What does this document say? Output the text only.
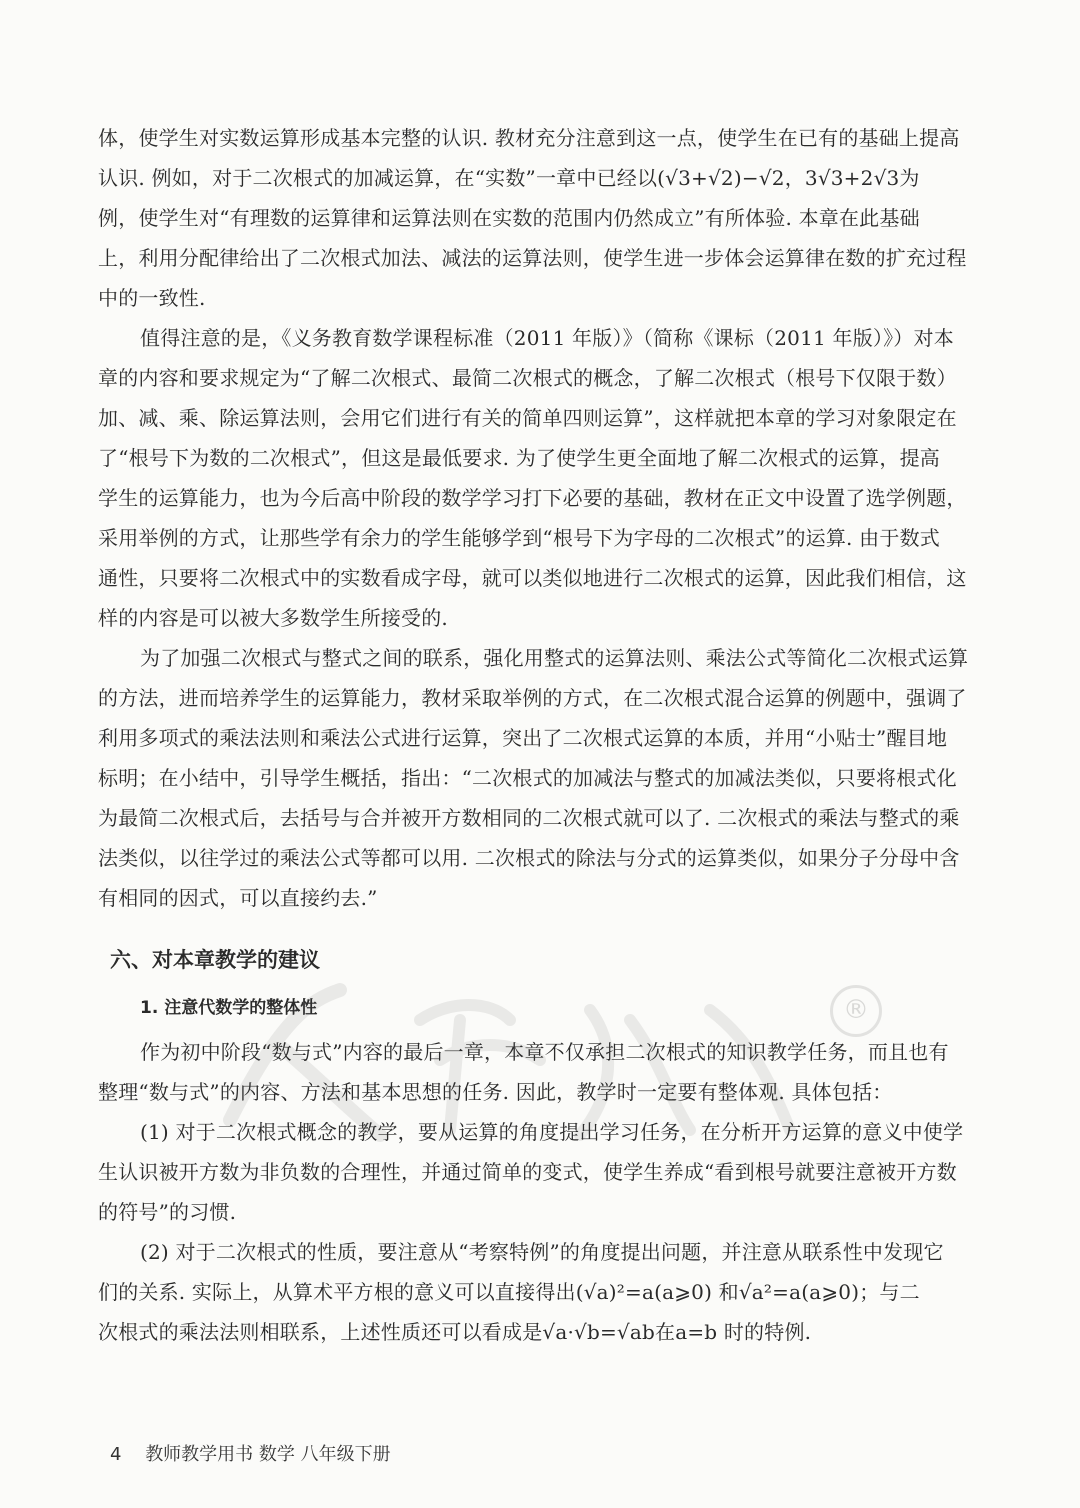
体，使学生对实数运算形成基本完整的认识. 教材充分注意到这一点，使学生在已有的基础上提高
认识. 例如，对于二次根式的加减运算，在“实数”一章中已经以(√3+√2)−√2，3√3+2√3为
例，使学生对“有理数的运算律和运算法则在实数的范围内仍然成立”有所体验. 本章在此基础
上，利用分配律给出了二次根式加法、减法的运算法则，使学生进一步体会运算律在数的扩充过程
中的一致性.

值得注意的是，《义务教育数学课程标准（2011 年版）》（简称《课标（2011 年版）》）对本
章的内容和要求规定为“了解二次根式、最简二次根式的概念，了解二次根式（根号下仅限于数）
加、减、乘、除运算法则，会用它们进行有关的简单四则运算”，这样就把本章的学习对象限定在
了“根号下为数的二次根式”，但这是最低要求. 为了使学生更全面地了解二次根式的运算，提高
学生的运算能力，也为今后高中阶段的数学学习打下必要的基础，教材在正文中设置了选学例题，
采用举例的方式，让那些学有余力的学生能够学到“根号下为字母的二次根式”的运算. 由于数式
通性，只要将二次根式中的实数看成字母，就可以类似地进行二次根式的运算，因此我们相信，这
样的内容是可以被大多数学生所接受的.

为了加强二次根式与整式之间的联系，强化用整式的运算法则、乘法公式等简化二次根式运算
的方法，进而培养学生的运算能力，教材采取举例的方式，在二次根式混合运算的例题中，强调了
利用多项式的乘法法则和乘法公式进行运算，突出了二次根式运算的本质，并用“小贴士”醒目地
标明；在小结中，引导学生概括，指出：“二次根式的加减法与整式的加减法类似，只要将根式化
为最简二次根式后，去括号与合并被开方数相同的二次根式就可以了. 二次根式的乘法与整式的乘
法类似，以往学过的乘法公式等都可以用. 二次根式的除法与分式的运算类似，如果分子分母中含
有相同的因式，可以直接约去.”

六、对本章教学的建议
1. 注意代数学的整体性

作为初中阶段“数与式”内容的最后一章，本章不仅承担二次根式的知识教学任务，而且也有
整理“数与式”的内容、方法和基本思想的任务. 因此，教学时一定要有整体观. 具体包括：

(1) 对于二次根式概念的教学，要从运算的角度提出学习任务，在分析开方运算的意义中使学
生认识被开方数为非负数的合理性，并通过简单的变式，使学生养成“看到根号就要注意被开方数
的符号”的习惯.

(2) 对于二次根式的性质，要注意从“考察特例”的角度提出问题，并注意从联系性中发现它
们的关系. 实际上，从算术平方根的意义可以直接得出(√a)²=a(a⩾0) 和√a²=a(a⩾0)；与二
次根式的乘法法则相联系，上述性质还可以看成是√a·√b=√ab在a=b 时的特例.

®
4 教师教学用书 数学 八年级下册
